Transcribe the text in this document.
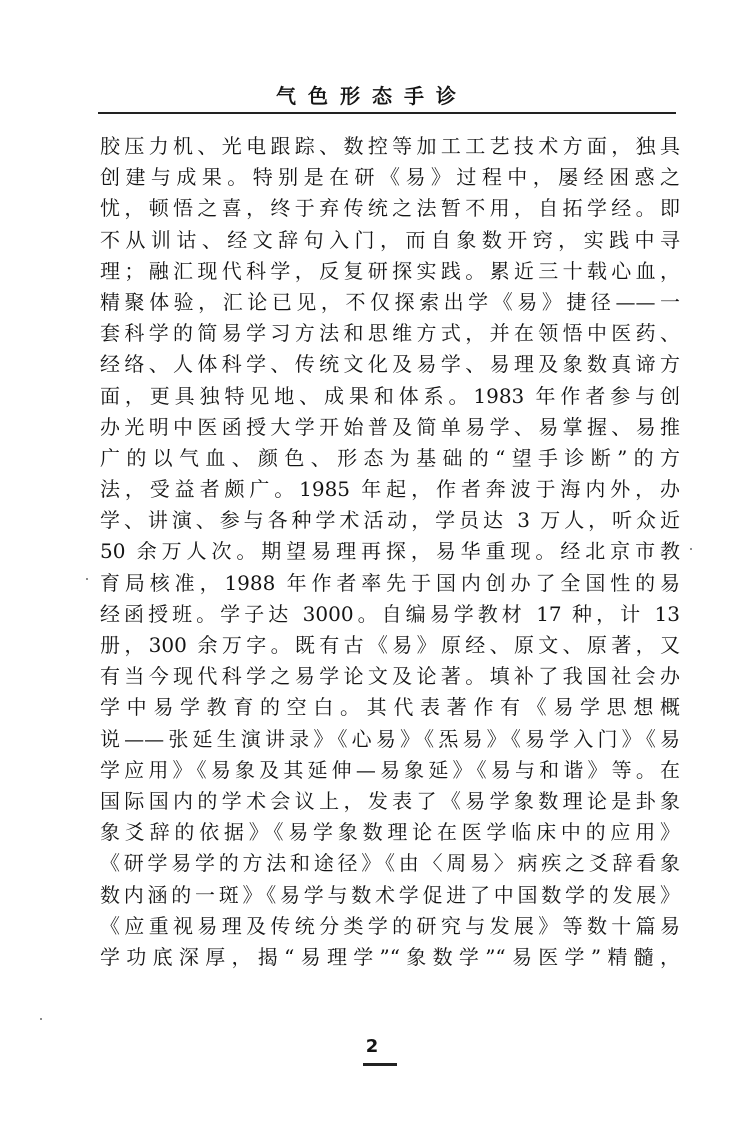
气色形态手诊
胶压力机、光电跟踪、数控等加工工艺技术方面，独具
创建与成果。特别是在研《易》过程中，屡经困惑之
忧，顿悟之喜，终于弃传统之法暂不用，自拓学经。即
不从训诂、经文辞句入门，而自象数开窍，实践中寻
理；融汇现代科学，反复研探实践。累近三十载心血，
精聚体验，汇论已见，不仅探索出学《易》捷径——一
套科学的简易学习方法和思维方式，并在领悟中医药、
经络、人体科学、传统文化及易学、易理及象数真谛方
面，更具独特见地、成果和体系。1983 年作者参与创
办光明中医函授大学开始普及简单易学、易掌握、易推
广的以气血、颜色、形态为基础的“望手诊断”的方
法，受益者颇广。1985 年起，作者奔波于海内外，办
学、讲演、参与各种学术活动，学员达 3 万人，听众近
50 余万人次。期望易理再探，易华重现。经北京市教
育局核准，1988 年作者率先于国内创办了全国性的易
经函授班。学子达 3000。自编易学教材 17 种，计 13
册，300 余万字。既有古《易》原经、原文、原著，又
有当今现代科学之易学论文及论著。填补了我国社会办
学中易学教育的空白。其代表著作有《易学思想概
说——张延生演讲录》《心易》《炁易》《易学入门》《易
学应用》《易象及其延伸—易象延》《易与和谐》等。在
国际国内的学术会议上，发表了《易学象数理论是卦象
象爻辞的依据》《易学象数理论在医学临床中的应用》
《研学易学的方法和途径》《由〈周易〉病疾之爻辞看象
数内涵的一斑》《易学与数术学促进了中国数学的发展》
《应重视易理及传统分类学的研究与发展》等数十篇易
学功底深厚，揭“易理学”“象数学”“易医学”精髓，
2
